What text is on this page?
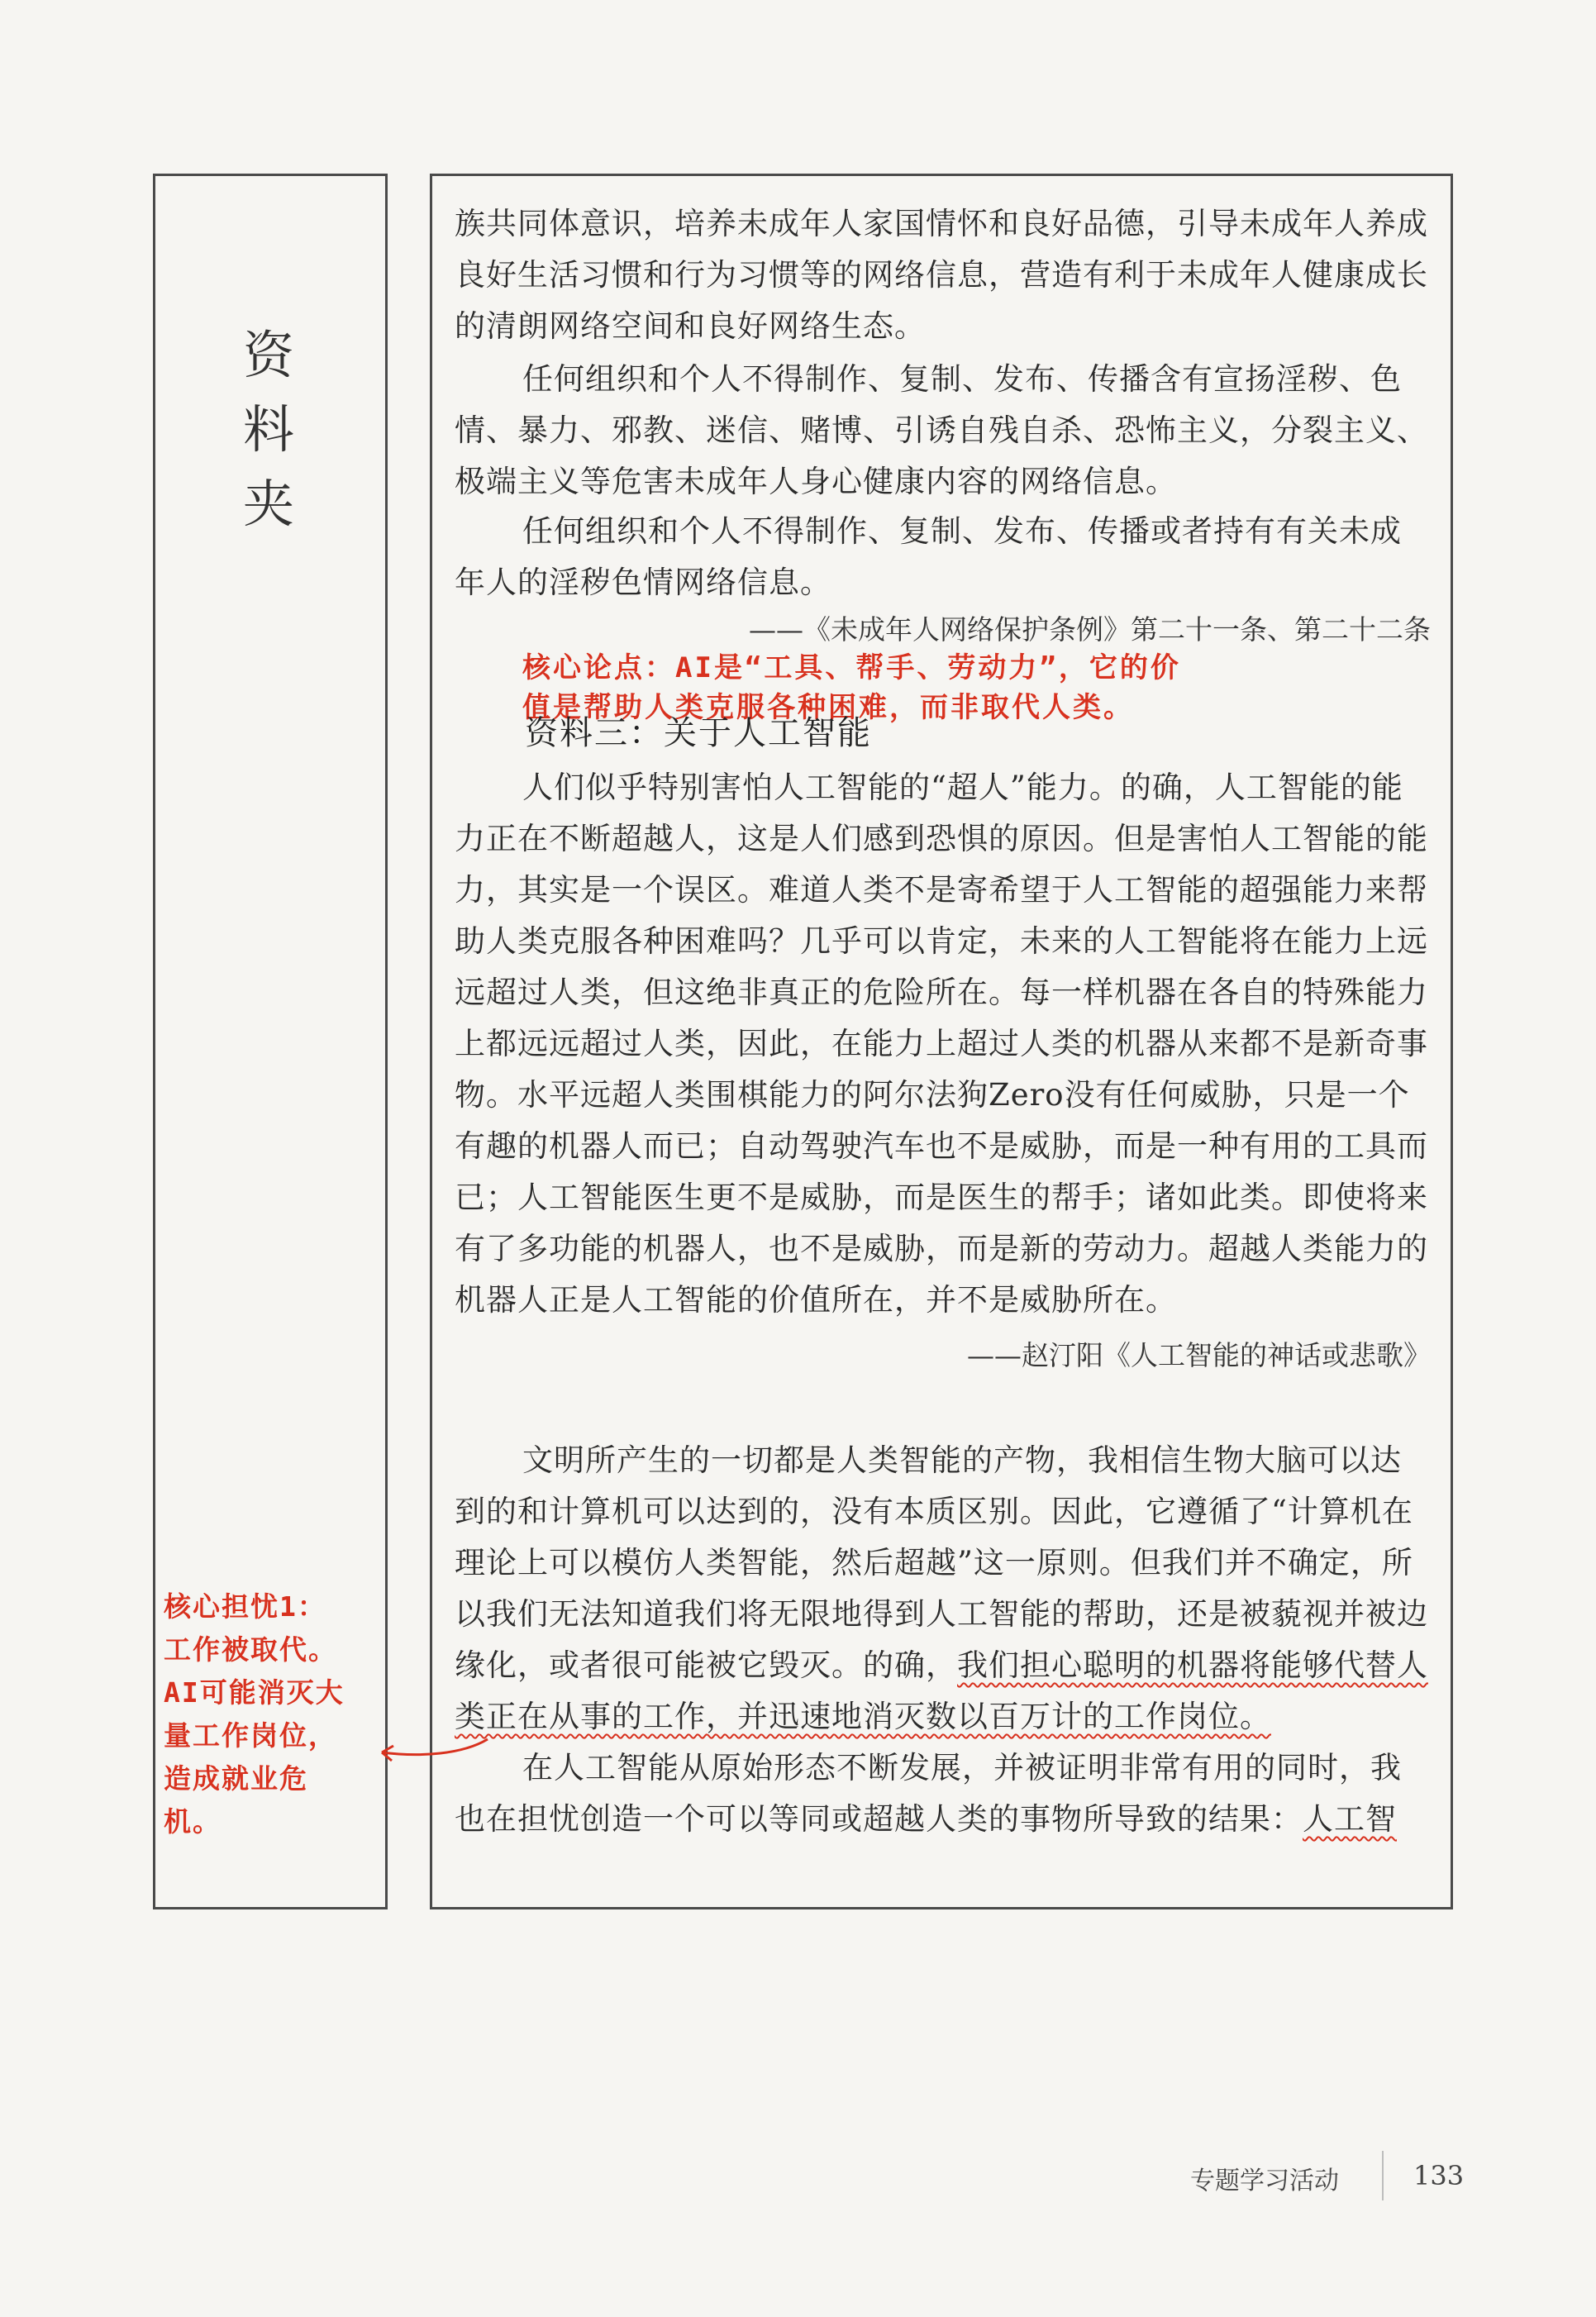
资
料
夹

族共同体意识，培养未成年人家国情怀和良好品德，引导未成年人养成良好生活习惯和行为习惯等的网络信息，营造有利于未成年人健康成长的清朗网络空间和良好网络生态。

任何组织和个人不得制作、复制、发布、传播含有宣扬淫秽、色情、暴力、邪教、迷信、赌博、引诱自残自杀、恐怖主义，分裂主义、极端主义等危害未成年人身心健康内容的网络信息。

任何组织和个人不得制作、复制、发布、传播或者持有有关未成年人的淫秽色情网络信息。

——《未成年人网络保护条例》第二十一条、第二十二条
核心论点：AI是“工具、帮手、劳动力”，它的价
值是帮助人类克服各种困难，而非取代人类。
资料三：关于人工智能

人们似乎特别害怕人工智能的“超人”能力。的确，人工智能的能力正在不断超越人，这是人们感到恐惧的原因。但是害怕人工智能的能力，其实是一个误区。难道人类不是寄希望于人工智能的超强能力来帮助人类克服各种困难吗？几乎可以肯定，未来的人工智能将在能力上远远超过人类，但这绝非真正的危险所在。每一样机器在各自的特殊能力上都远远超过人类，因此，在能力上超过人类的机器从来都不是新奇事物。水平远超人类围棋能力的阿尔法狗Zero没有任何威胁，只是一个有趣的机器人而已；自动驾驶汽车也不是威胁，而是一种有用的工具而已；人工智能医生更不是威胁，而是医生的帮手；诸如此类。即使将来有了多功能的机器人，也不是威胁，而是新的劳动力。超越人类能力的机器人正是人工智能的价值所在，并不是威胁所在。

——赵汀阳《人工智能的神话或悲歌》

文明所产生的一切都是人类智能的产物，我相信生物大脑可以达到的和计算机可以达到的，没有本质区别。因此，它遵循了“计算机在理论上可以模仿人类智能，然后超越”这一原则。但我们并不确定，所以我们无法知道我们将无限地得到人工智能的帮助，还是被藐视并被边缘化，或者很可能被它毁灭。的确，我们担心聪明的机器将能够代替人类正在从事的工作，并迅速地消灭数以百万计的工作岗位。

在人工智能从原始形态不断发展，并被证明非常有用的同时，我也在担忧创造一个可以等同或超越人类的事物所导致的结果：人工智

核心担忧1：
工作被取代。
AI可能消灭大
量工作岗位，
造成就业危
机。
专题学习活动	133
